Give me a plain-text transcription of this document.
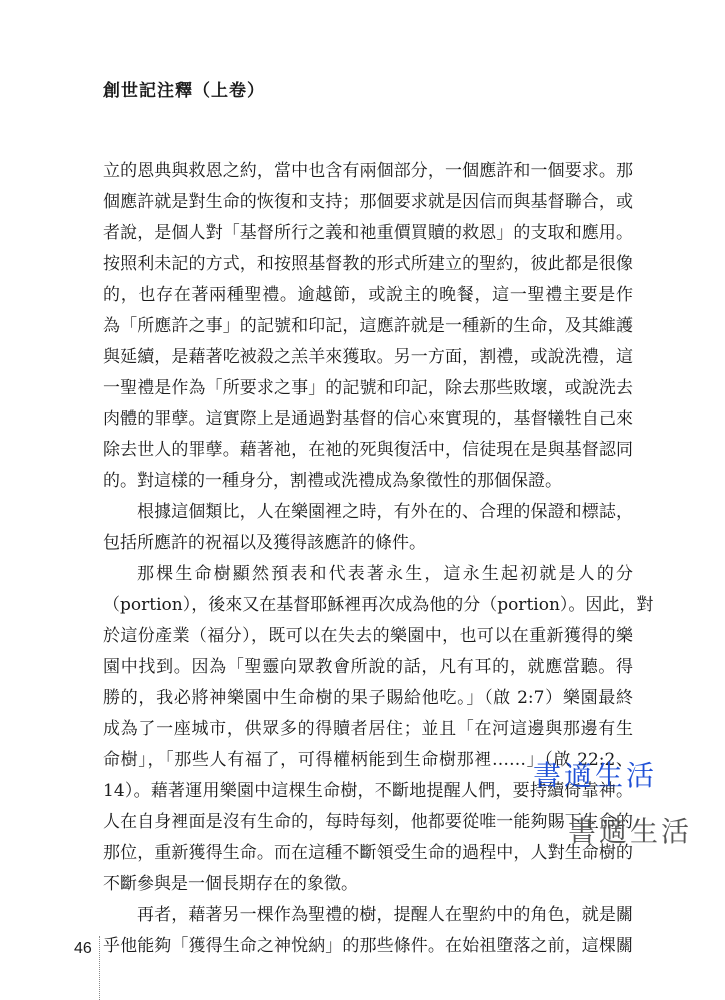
創世記注釋（上卷）
立的恩典與救恩之約，當中也含有兩個部分，一個應許和一個要求。那
個應許就是對生命的恢復和支持；那個要求就是因信而與基督聯合，或
者說，是個人對「基督所行之義和祂重價買贖的救恩」的支取和應用。
按照利未記的方式，和按照基督教的形式所建立的聖約，彼此都是很像
的，也存在著兩種聖禮。逾越節，或說主的晚餐，這一聖禮主要是作
為「所應許之事」的記號和印記，這應許就是一種新的生命，及其維護
與延續，是藉著吃被殺之羔羊來獲取。另一方面，割禮，或說洗禮，這
一聖禮是作為「所要求之事」的記號和印記，除去那些敗壞，或說洗去
肉體的罪孽。這實際上是通過對基督的信心來實現的，基督犧牲自己來
除去世人的罪孽。藉著祂，在祂的死與復活中，信徒現在是與基督認同
的。對這樣的一種身分，割禮或洗禮成為象徵性的那個保證。
根據這個類比，人在樂園裡之時，有外在的、合理的保證和標誌，
包括所應許的祝福以及獲得該應許的條件。
那棵生命樹顯然預表和代表著永生，這永生起初就是人的分
（portion），後來又在基督耶穌裡再次成為他的分（portion）。因此，對
於這份產業（福分），既可以在失去的樂園中，也可以在重新獲得的樂
園中找到。因為「聖靈向眾教會所說的話，凡有耳的，就應當聽。得
勝的，我必將神樂園中生命樹的果子賜給他吃。」（啟 2:7）樂園最終
成為了一座城市，供眾多的得贖者居住；並且「在河這邊與那邊有生
命樹」，「那些人有福了，可得權柄能到生命樹那裡……」（啟 22:2、
14）。藉著運用樂園中這棵生命樹，不斷地提醒人們，要持續倚靠神。
人在自身裡面是沒有生命的，每時每刻，他都要從唯一能夠賜下生命的
那位，重新獲得生命。而在這種不斷領受生命的過程中，人對生命樹的
不斷參與是一個長期存在的象徵。
再者，藉著另一棵作為聖禮的樹，提醒人在聖約中的角色，就是關
乎他能夠「獲得生命之神悅納」的那些條件。在始祖墮落之前，這棵關
書適生活
書適生活
46
